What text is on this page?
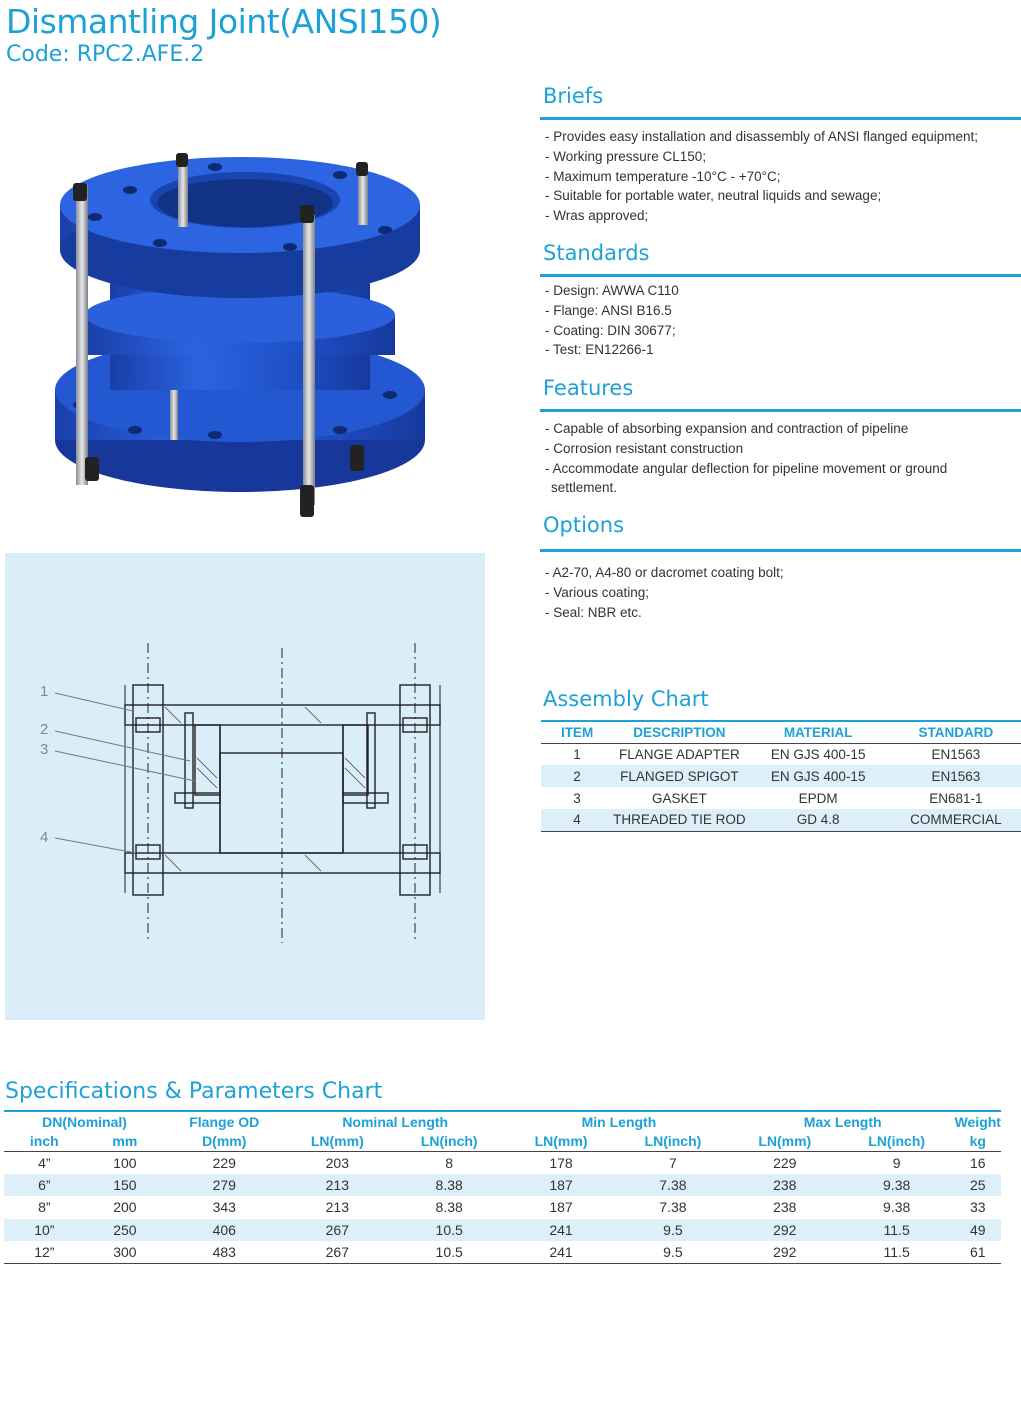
Dismantling Joint(ANSI150)
Code: RPC2.AFE.2
1
2
3
4
Briefs
- Provides easy installation and disassembly of ANSI flanged equipment;
- Working pressure CL150;
- Maximum temperature -10°C - +70°C;
- Suitable for portable water, neutral liquids and sewage;
- Wras approved;
Standards
- Design: AWWA C110
- Flange: ANSI B16.5
- Coating: DIN 30677;
- Test: EN12266-1
Features
- Capable of absorbing expansion and contraction of pipeline
- Corrosion resistant construction
- Accommodate angular deflection for pipeline movement or ground settlement.
Options
- A2-70, A4-80 or dacromet coating bolt;
- Various coating;
- Seal: NBR etc.
Assembly Chart
ITEM	DESCRIPTION	MATERIAL	STANDARD
1	FLANGE ADAPTER	EN GJS 400-15	EN1563
2	FLANGED SPIGOT	EN GJS 400-15	EN1563
3	GASKET	EPDM	EN681-1
4	THREADED TIE ROD	GD 4.8	COMMERCIAL
Specifications & Parameters Chart
DN(Nominal)		Flange OD	Nominal Length		Min Length		Max Length		Weight
inch	mm	D(mm)	LN(mm)	LN(inch)	LN(mm)	LN(inch)	LN(mm)	LN(inch)	kg
4”	100	229	203	8	178	7	229	9	16
6”	150	279	213	8.38	187	7.38	238	9.38	25
8”	200	343	213	8.38	187	7.38	238	9.38	33
10”	250	406	267	10.5	241	9.5	292	11.5	49
12”	300	483	267	10.5	241	9.5	292	11.5	61
